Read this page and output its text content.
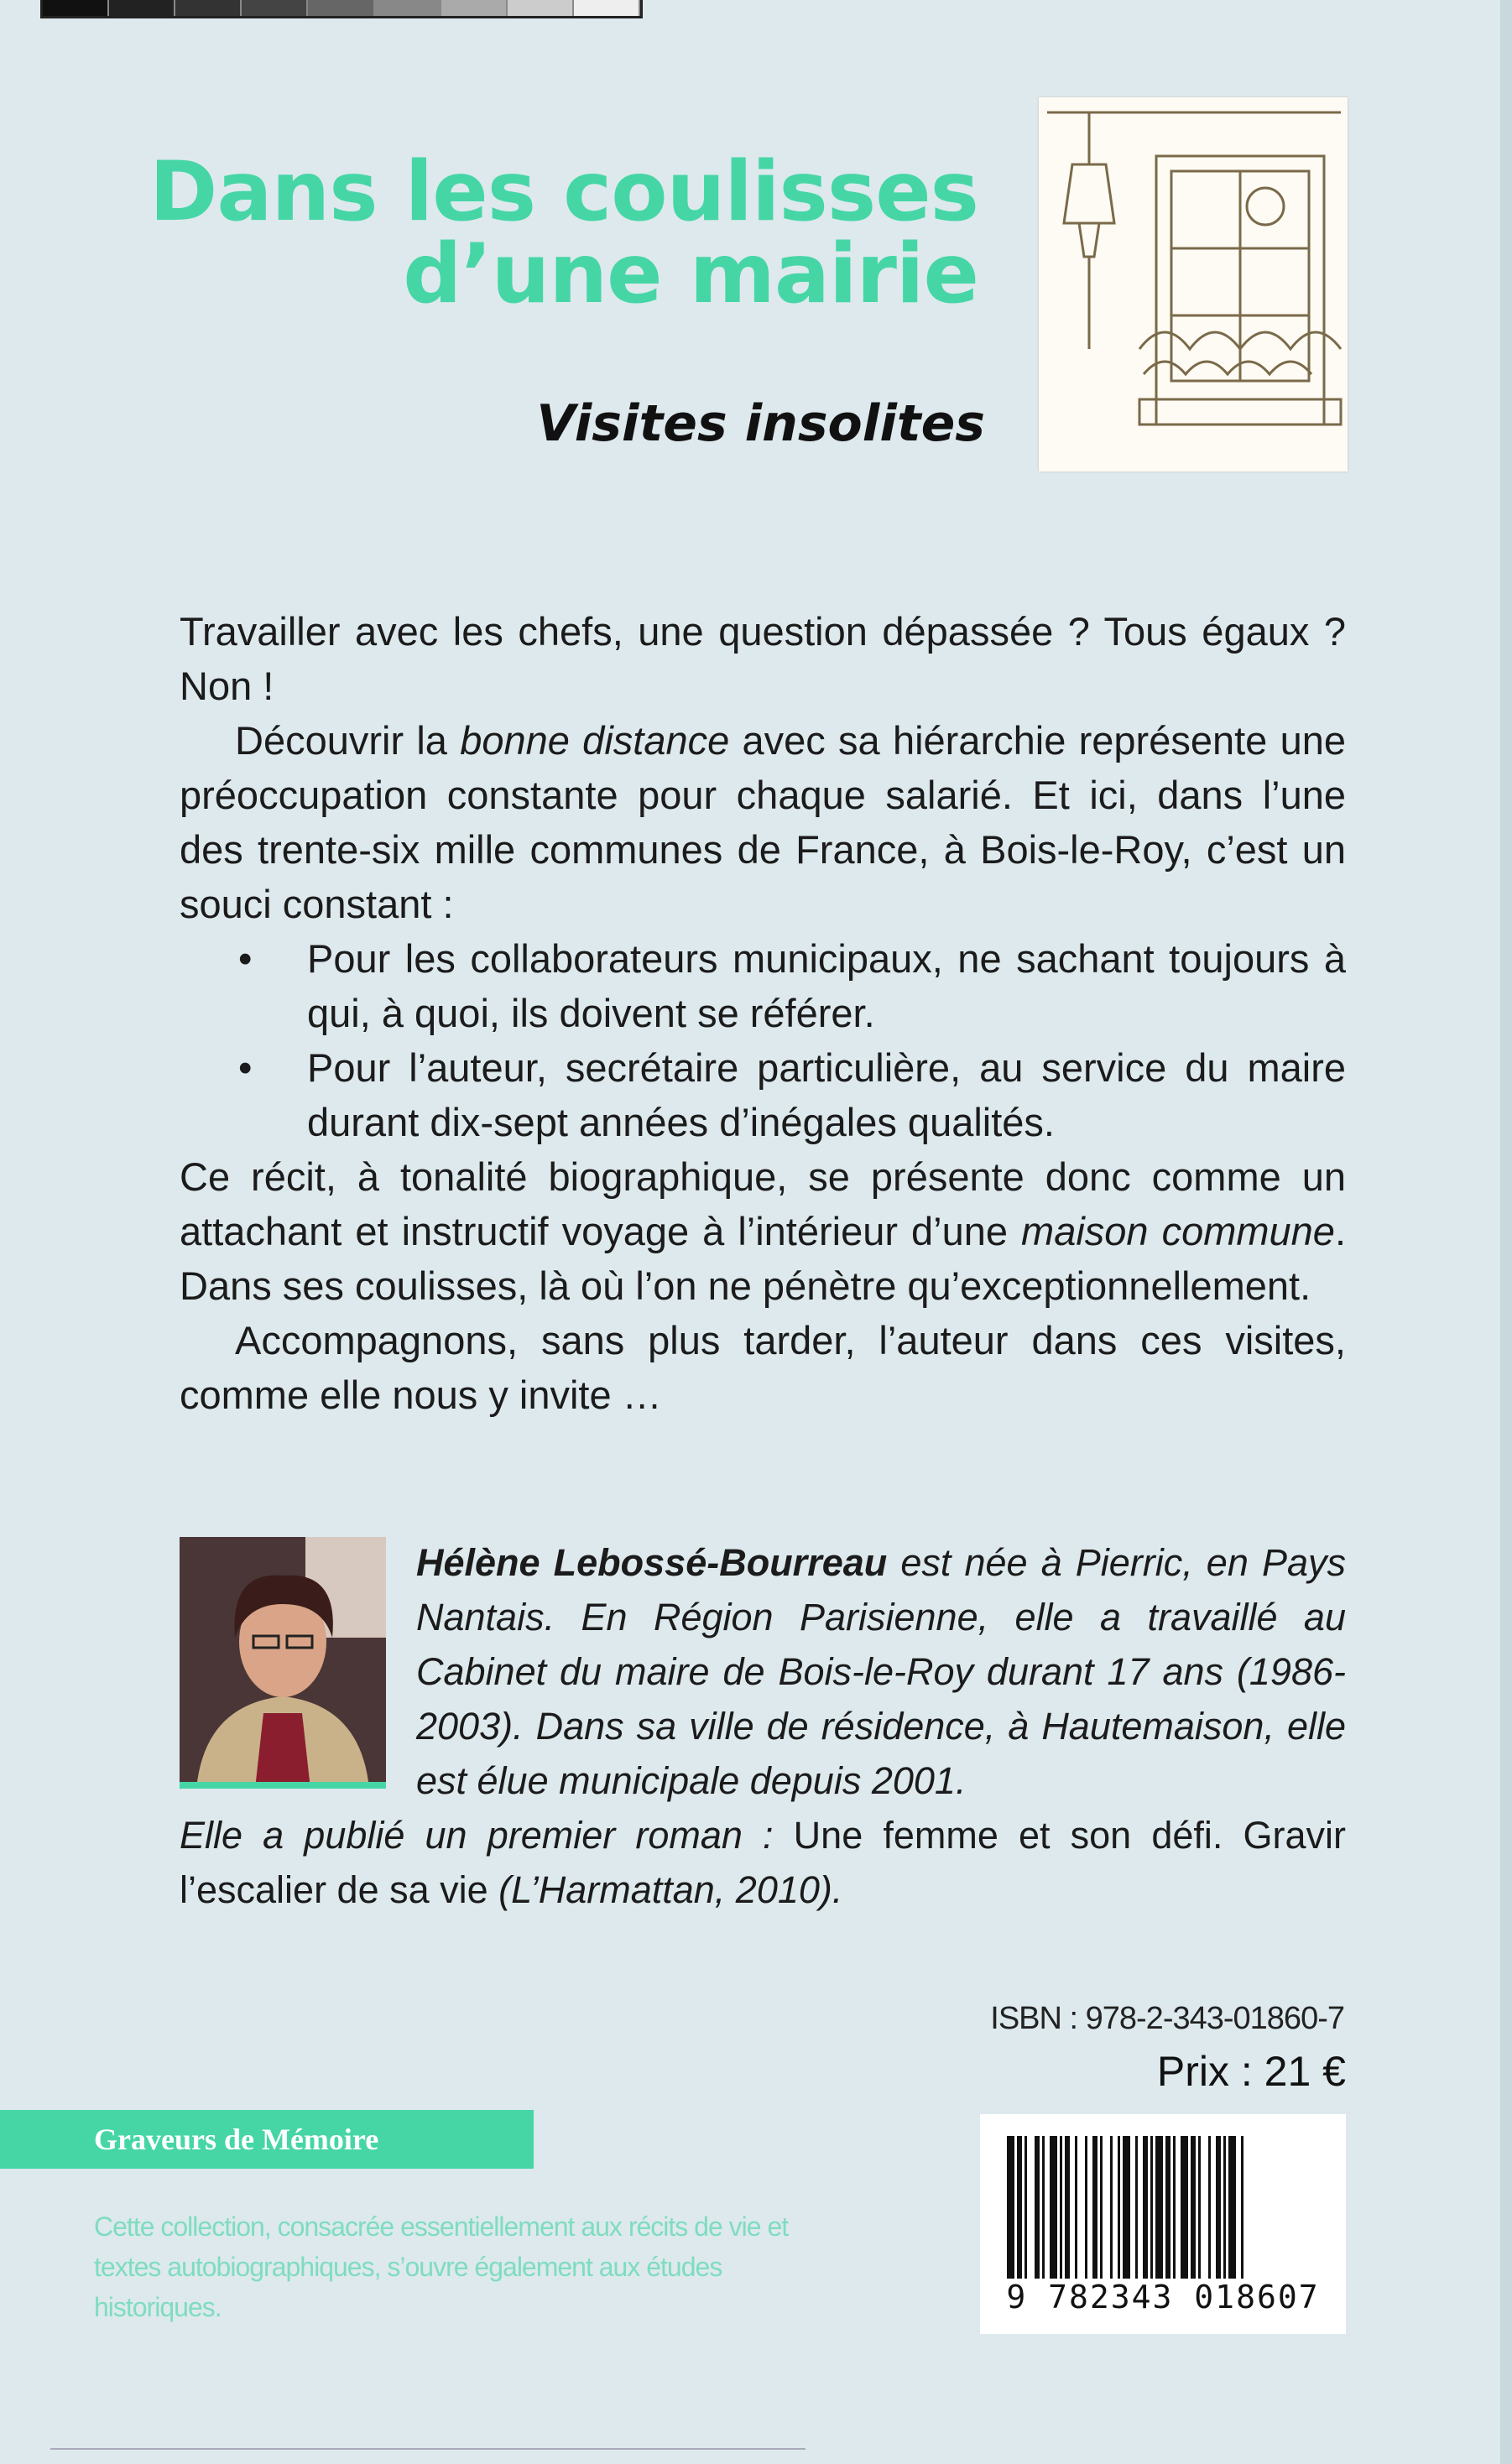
Dans les coulisses
d’une mairie
Visites insolites

Travailler avec les chefs, une question dépassée ? Tous égaux ? Non !

Découvrir la bonne distance avec sa hiérarchie représente une préoccupation constante pour chaque salarié. Et ici, dans l’une des trente-six mille communes de France, à Bois-le-Roy, c’est un souci constant :

• Pour les collaborateurs municipaux, ne sachant toujours à qui, à quoi, ils doivent se référer.

• Pour l’auteur, secrétaire particulière, au service du maire durant dix-sept années d’inégales qualités.

Ce récit, à tonalité biographique, se présente donc comme un attachant et instructif voyage à l’intérieur d’une maison commune. Dans ses coulisses, là où l’on ne pénètre qu’exceptionnellement.

Accompagnons, sans plus tarder, l’auteur dans ces visites, comme elle nous y invite …

Hélène Lebossé-Bourreau est née à Pierric, en Pays Nantais. En Région Parisienne, elle a travaillé au Cabinet du maire de Bois-le-Roy durant 17 ans (1986-2003). Dans sa ville de résidence, à Hautemaison, elle est élue municipale depuis 2001.
Elle a publié un premier roman : Une femme et son défi. Gravir l’escalier de sa vie (L’Harmattan, 2010).
ISBN : 978-2-343-01860-7
Prix : 21 €
Graveurs de Mémoire
Cette collection, consacrée essentiellement aux récits de vie et textes autobiographiques, s’ouvre également aux études historiques.	9 782343 018607
